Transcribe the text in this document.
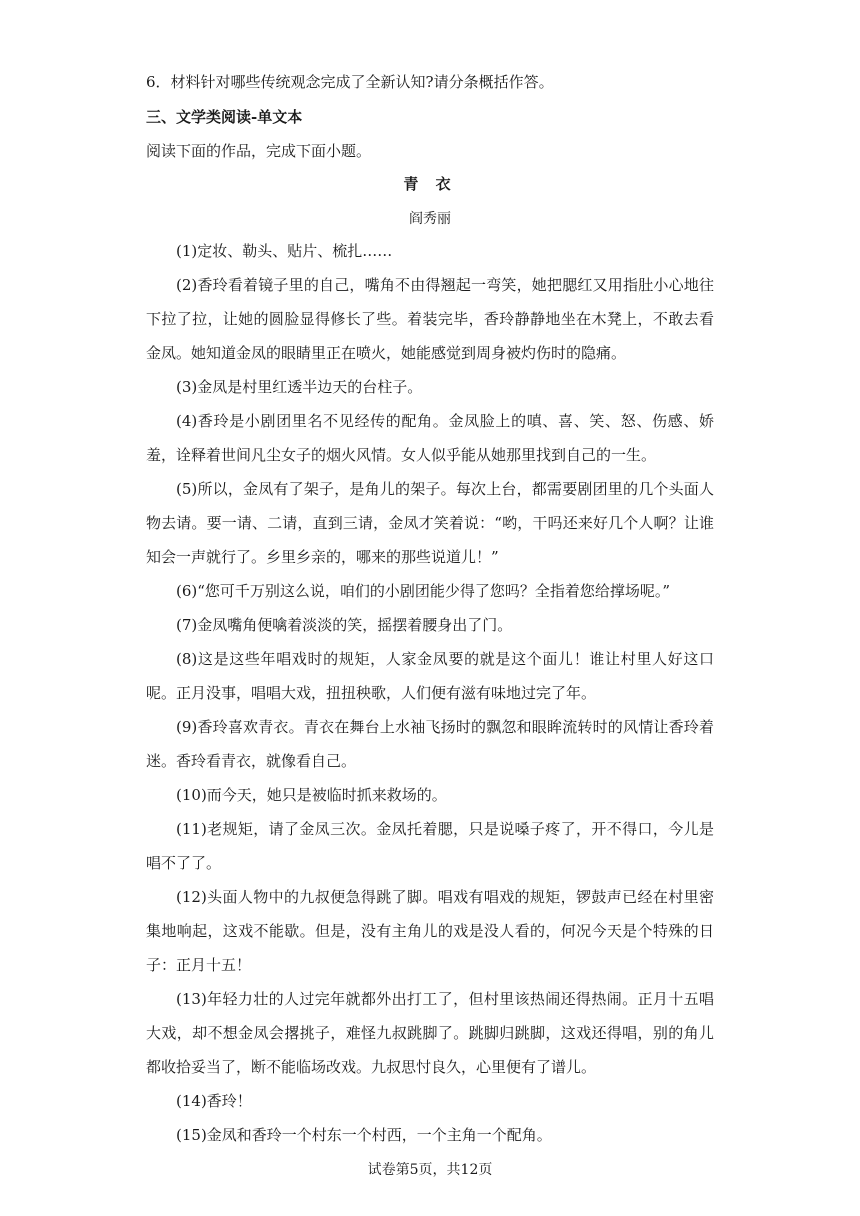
6．材料针对哪些传统观念完成了全新认知?请分条概括作答。
三、文学类阅读-单文本
阅读下面的作品，完成下面小题。
青 衣
阎秀丽

(1)定妆、勒头、贴片、梳扎……

(2)香玲看着镜子里的自己，嘴角不由得翘起一弯笑，她把腮红又用指肚小心地往下拉了拉，让她的圆脸显得修长了些。着装完毕，香玲静静地坐在木凳上，不敢去看金凤。她知道金凤的眼睛里正在喷火，她能感觉到周身被灼伤时的隐痛。

(3)金凤是村里红透半边天的台柱子。

(4)香玲是小剧团里名不见经传的配角。金凤脸上的嗔、喜、笑、怒、伤感、娇羞，诠释着世间凡尘女子的烟火风情。女人似乎能从她那里找到自己的一生。

(5)所以，金凤有了架子，是角儿的架子。每次上台，都需要剧团里的几个头面人物去请。要一请、二请，直到三请，金凤才笑着说：“哟，干吗还来好几个人啊？让谁知会一声就行了。乡里乡亲的，哪来的那些说道儿！”

(6)“您可千万别这么说，咱们的小剧团能少得了您吗？全指着您给撑场呢。”

(7)金凤嘴角便噙着淡淡的笑，摇摆着腰身出了门。

(8)这是这些年唱戏时的规矩，人家金凤要的就是这个面儿！谁让村里人好这口呢。正月没事，唱唱大戏，扭扭秧歌，人们便有滋有味地过完了年。

(9)香玲喜欢青衣。青衣在舞台上水袖飞扬时的飘忽和眼眸流转时的风情让香玲着迷。香玲看青衣，就像看自己。

(10)而今天，她只是被临时抓来救场的。

(11)老规矩，请了金凤三次。金凤托着腮，只是说嗓子疼了，开不得口，今儿是唱不了了。

(12)头面人物中的九叔便急得跳了脚。唱戏有唱戏的规矩，锣鼓声已经在村里密集地响起，这戏不能歇。但是，没有主角儿的戏是没人看的，何况今天是个特殊的日子：正月十五！

(13)年轻力壮的人过完年就都外出打工了，但村里该热闹还得热闹。正月十五唱大戏，却不想金凤会撂挑子，难怪九叔跳脚了。跳脚归跳脚，这戏还得唱，别的角儿都收拾妥当了，断不能临场改戏。九叔思忖良久，心里便有了谱儿。

(14)香玲！

(15)金凤和香玲一个村东一个村西，一个主角一个配角。

试卷第5页，共12页
